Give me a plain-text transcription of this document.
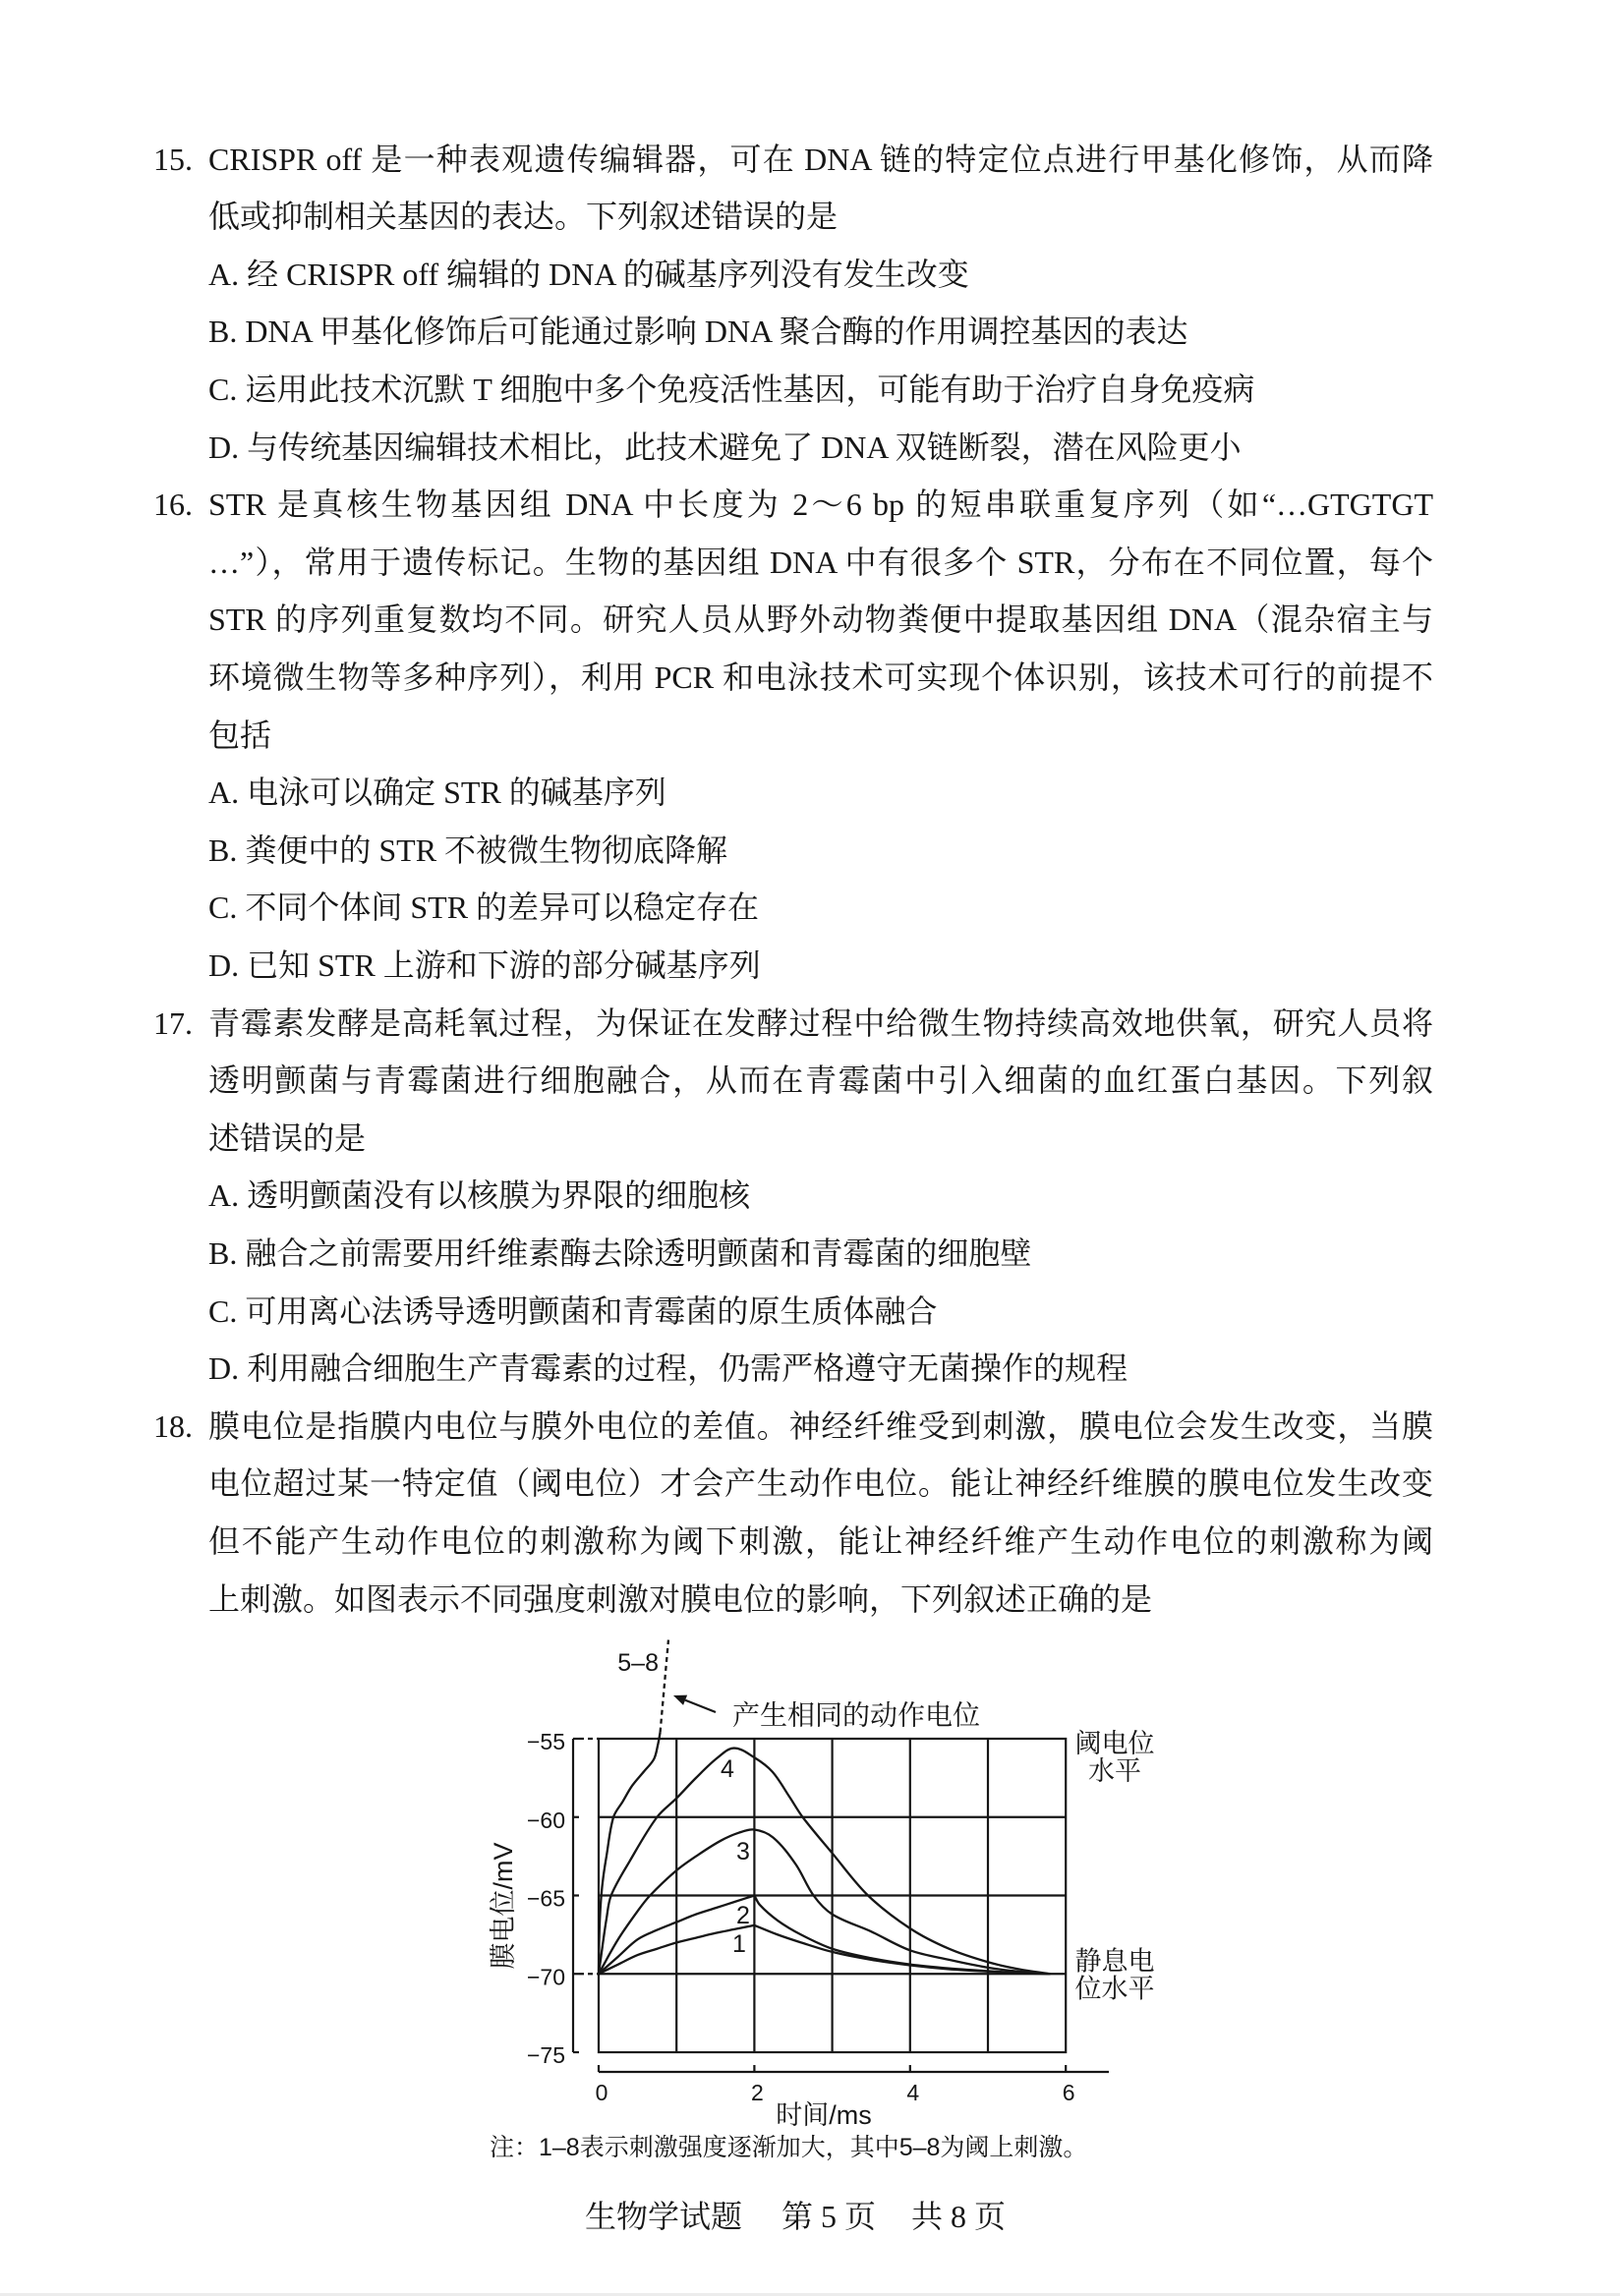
15. CRISPR off 是一种表观遗传编辑器，可在 DNA 链的特定位点进行甲基化修饰，从而降
低或抑制相关基因的表达。下列叙述错误的是
A. 经 CRISPR off 编辑的 DNA 的碱基序列没有发生改变
B. DNA 甲基化修饰后可能通过影响 DNA 聚合酶的作用调控基因的表达
C. 运用此技术沉默 T 细胞中多个免疫活性基因，可能有助于治疗自身免疫病
D. 与传统基因编辑技术相比，此技术避免了 DNA 双链断裂，潜在风险更小
16. STR 是真核生物基因组 DNA 中长度为 2～6 bp 的短串联重复序列（如“…GTGTGT
…”），常用于遗传标记。生物的基因组 DNA 中有很多个 STR，分布在不同位置，每个
STR 的序列重复数均不同。研究人员从野外动物粪便中提取基因组 DNA（混杂宿主与
环境微生物等多种序列），利用 PCR 和电泳技术可实现个体识别，该技术可行的前提不
包括
A. 电泳可以确定 STR 的碱基序列
B. 粪便中的 STR 不被微生物彻底降解
C. 不同个体间 STR 的差异可以稳定存在
D. 已知 STR 上游和下游的部分碱基序列
17. 青霉素发酵是高耗氧过程，为保证在发酵过程中给微生物持续高效地供氧，研究人员将
透明颤菌与青霉菌进行细胞融合，从而在青霉菌中引入细菌的血红蛋白基因。下列叙
述错误的是
A. 透明颤菌没有以核膜为界限的细胞核
B. 融合之前需要用纤维素酶去除透明颤菌和青霉菌的细胞壁
C. 可用离心法诱导透明颤菌和青霉菌的原生质体融合
D. 利用融合细胞生产青霉素的过程，仍需严格遵守无菌操作的规程
18. 膜电位是指膜内电位与膜外电位的差值。神经纤维受到刺激，膜电位会发生改变，当膜
电位超过某一特定值（阈电位）才会产生动作电位。能让神经纤维膜的膜电位发生改变
但不能产生动作电位的刺激称为阈下刺激，能让神经纤维产生动作电位的刺激称为阈
上刺激。如图表示不同强度刺激对膜电位的影响，下列叙述正确的是
−55
−60
−65
−70
−75
膜电位/mV
0	2	4	6
时间/ms
阈电位
水平
静息电
位水平
1
2
3
4
5–8
产生相同的动作电位
注：1–8表示刺激强度逐渐加大，其中5–8为阈上刺激。
生物学试题 第 5 页 共 8 页
